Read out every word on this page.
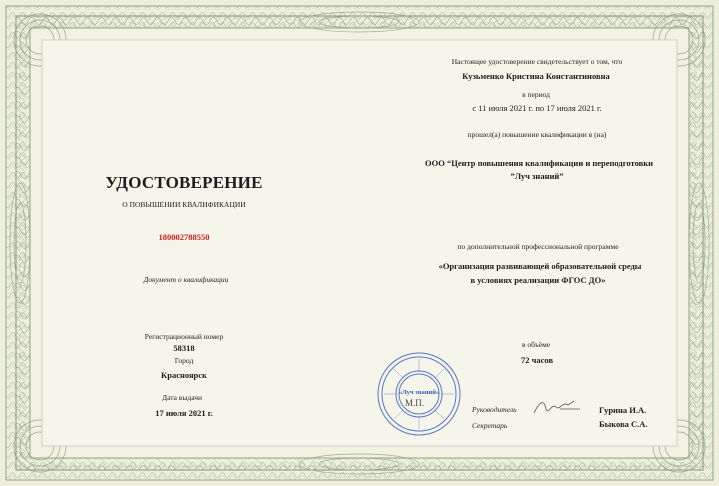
УДОСТОВЕРЕНИЕ
О ПОВЫШЕНИИ КВАЛИФИКАЦИИ
180002788550
Документ о квалификации
Регистрационный номер
58318
Город
Красноярск
Дата выдачи
17 июля 2021 г.
Настоящее удостоверение свидетельствует о том, что
Кузьменко Кристина Константиновна
в период
с 11 июля 2021 г. по 17 июля 2021 г.
прошел(а) повышение квалификации в (на)
ООО “Центр повышения квалификации и переподготовки
”Луч знаний”
по дополнительной профессиональной программе
«Организация развивающей образовательной среды
в условиях реализации ФГОС ДО»
в объёме
72 часов
Руководитель
Секретарь
Гурина И.А.
Быкова С.А.
«Луч знаний»
М.П.
